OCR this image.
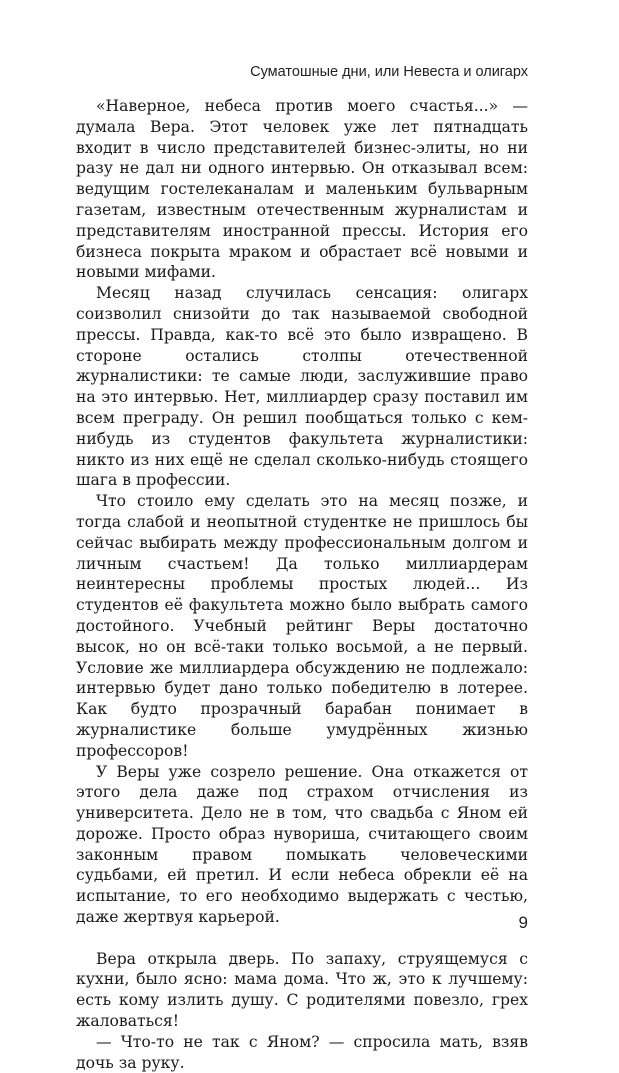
Суматошные дни, или Невеста и олигарх

«Наверное, небеса против моего счастья...» — думала Вера. Этот человек уже лет пятнадцать входит в число представителей бизнес-элиты, но ни разу не дал ни одного интервью. Он отказывал всем: ведущим гостелеканалам и маленьким бульварным газетам, известным отечественным журналистам и представителям иностранной прессы. История его бизнеса покрыта мраком и обрастает всё новыми и новыми мифами.

Месяц назад случилась сенсация: олигарх соизволил снизойти до так называемой свободной прессы. Правда, как-то всё это было извращено. В стороне остались столпы отечественной журналистики: те самые люди, заслужившие право на это интервью. Нет, миллиардер сразу поставил им всем преграду. Он решил пообщаться только с кем-нибудь из студентов факультета журналистики: никто из них ещё не сделал сколько-нибудь стоящего шага в профессии.

Что стоило ему сделать это на месяц позже, и тогда слабой и неопытной студентке не пришлось бы сейчас выбирать между профессиональным долгом и личным счастьем! Да только миллиардерам неинтересны проблемы простых людей... Из студентов её факультета можно было выбрать самого достойного. Учебный рейтинг Веры достаточно высок, но он всё-таки только восьмой, а не первый. Условие же миллиардера обсуждению не подлежало: интервью будет дано только победителю в лотерее. Как будто прозрачный барабан понимает в журналистике больше умудрённых жизнью профессоров!

У Веры уже созрело решение. Она откажется от этого дела даже под страхом отчисления из университета. Дело не в том, что свадьба с Яном ей дороже. Просто образ нувориша, считающего своим законным правом помыкать человеческими судьбами, ей претил. И если небеса обрекли её на испытание, то его необходимо выдержать с честью, даже жертвуя карьерой.

Вера открыла дверь. По запаху, струящемуся с кухни, было ясно: мама дома. Что ж, это к лучшему: есть кому излить душу. С родителями повезло, грех жаловаться!

— Что-то не так с Яном? — спросила мать, взяв дочь за руку.

9
